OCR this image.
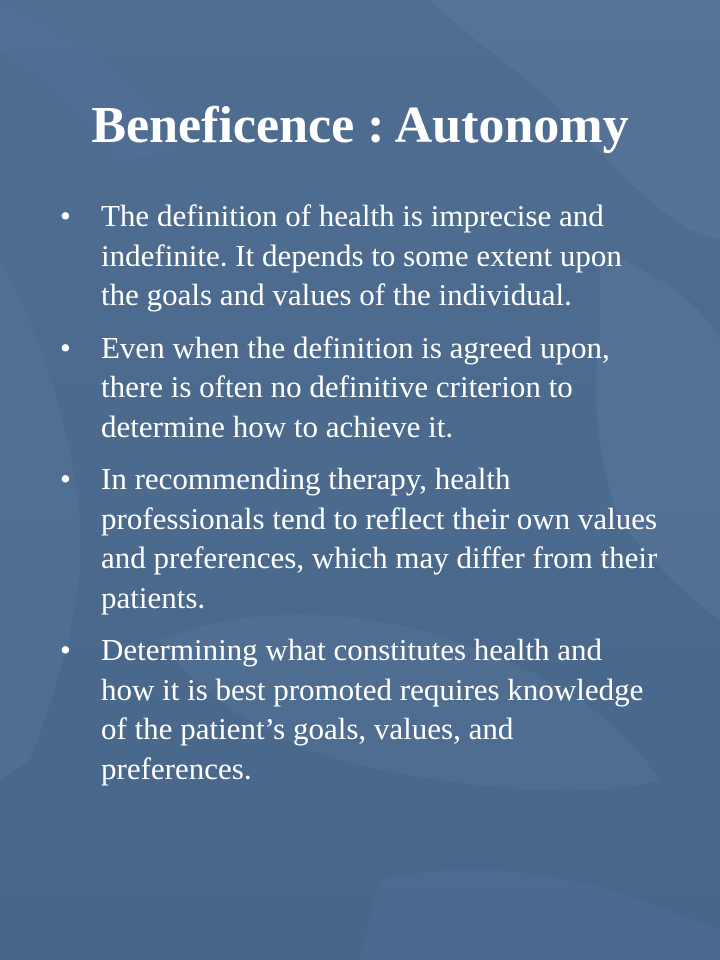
Beneficence : Autonomy
• The definition of health is imprecise and indefinite. It depends to some extent upon the goals and values of the individual.
• Even when the definition is agreed upon, there is often no definitive criterion to determine how to achieve it.
• In recommending therapy, health professionals tend to reflect their own values and preferences, which may differ from their patients.
• Determining what constitutes health and how it is best promoted requires knowledge of the patient’s goals, values, and preferences.
